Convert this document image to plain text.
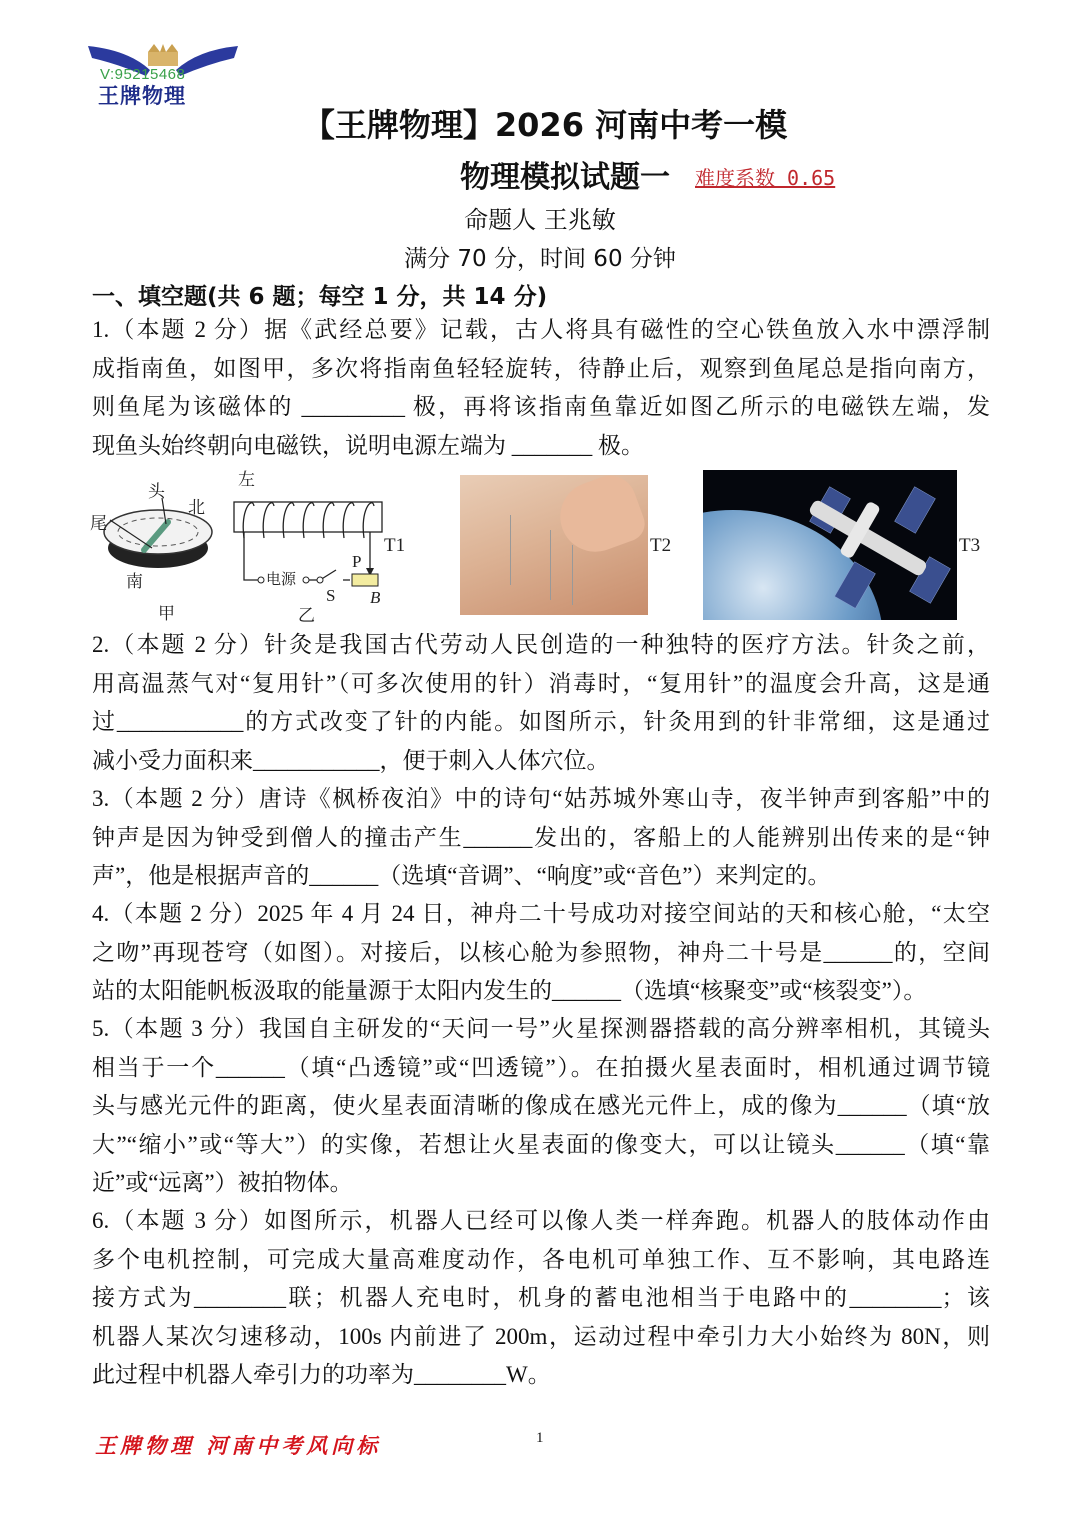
V:95215468
王牌物理
【王牌物理】2026 河南中考一模
物理模拟试题一 难度系数 0.65
命题人 王兆敏
满分 70 分，时间 60 分钟
一、填空题(共 6 题；每空 1 分，共 14 分)
1.（本题 2 分）据《武经总要》记载，古人将具有磁性的空心铁鱼放入水中漂浮制
成指南鱼，如图甲，多次将指南鱼轻轻旋转，待静止后，观察到鱼尾总是指向南方，
则鱼尾为该磁体的 _________ 极，再将该指南鱼靠近如图乙所示的电磁铁左端，发
现鱼头始终朝向电磁铁，说明电源左端为 _______ 极。
2.（本题 2 分）针灸是我国古代劳动人民创造的一种独特的医疗方法。针灸之前，
用高温蒸气对“复用针”（可多次使用的针）消毒时，“复用针”的温度会升高，这是通
过___________的方式改变了针的内能。如图所示，针灸用到的针非常细，这是通过
减小受力面积来___________，便于刺入人体穴位。
3.（本题 2 分）唐诗《枫桥夜泊》中的诗句“姑苏城外寒山寺，夜半钟声到客船”中的
钟声是因为钟受到僧人的撞击产生______发出的，客船上的人能辨别出传来的是“钟
声”，他是根据声音的______（选填“音调”、“响度”或“音色”）来判定的。
4.（本题 2 分）2025 年 4 月 24 日，神舟二十号成功对接空间站的天和核心舱，“太空
之吻”再现苍穹（如图）。对接后，以核心舱为参照物，神舟二十号是______的，空间
站的太阳能帆板汲取的能量源于太阳内发生的______（选填“核聚变”或“核裂变”）。
5.（本题 3 分）我国自主研发的“天问一号”火星探测器搭载的高分辨率相机，其镜头
相当于一个______（填“凸透镜”或“凹透镜”）。在拍摄火星表面时，相机通过调节镜
头与感光元件的距离，使火星表面清晰的像成在感光元件上，成的像为______（填“放
大”“缩小”或“等大”）的实像，若想让火星表面的像变大，可以让镜头______（填“靠
近”或“远离”）被拍物体。
6.（本题 3 分）如图所示，机器人已经可以像人类一样奔跑。机器人的肢体动作由
多个电机控制，可完成大量高难度动作，各电机可单独工作、互不影响，其电路连
接方式为________联；机器人充电时，机身的蓄电池相当于电路中的________；该
机器人某次匀速移动，100s 内前进了 200m，运动过程中牵引力大小始终为 80N，则
此过程中机器人牵引力的功率为________W。
头
北
尾
南
甲
左
电源
P
S B
乙
T1	T2	T3
王牌物理 河南中考风向标	1
